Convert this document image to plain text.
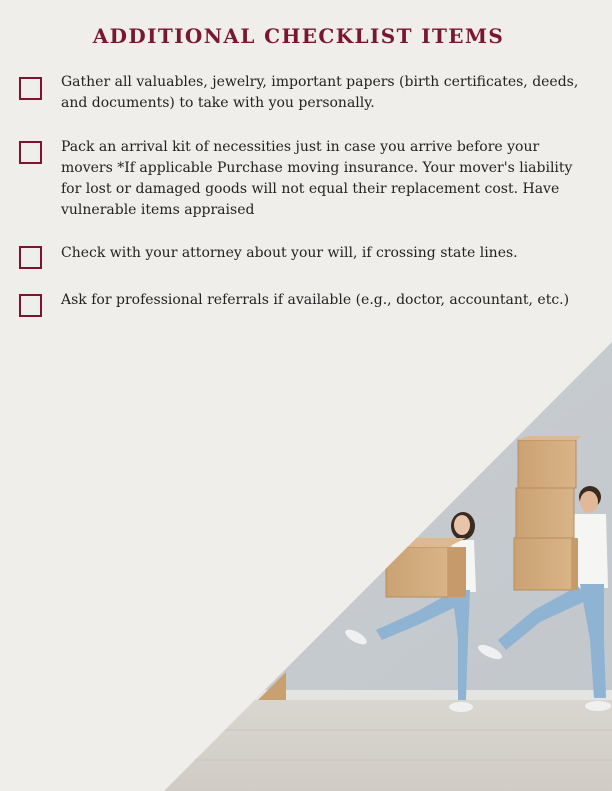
ADDITIONAL CHECKLIST ITEMS
Gather all valuables, jewelry, important papers (birth certificates, deeds, and documents) to take with you personally.
Pack an arrival kit of necessities just in case you arrive before your movers *If applicable Purchase moving insurance. Your mover's liability for lost or damaged goods will not equal their replacement cost. Have vulnerable items appraised
Check with your attorney about your will, if crossing state lines.
Ask for professional referrals if available (e.g., doctor, accountant, etc.)
